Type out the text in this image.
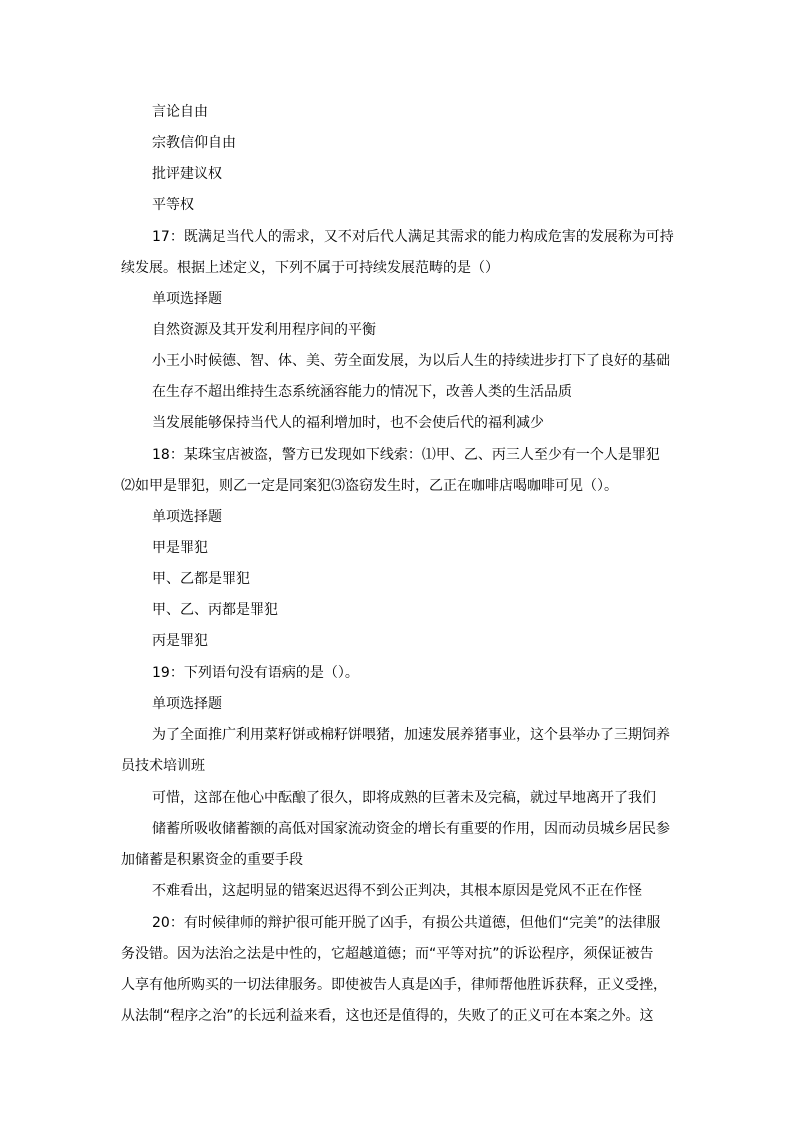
言论自由
宗教信仰自由
批评建议权
平等权
17：既满足当代人的需求，又不对后代人满足其需求的能力构成危害的发展称为可持
续发展。根据上述定义，下列不属于可持续发展范畴的是（）
单项选择题
自然资源及其开发利用程序间的平衡
小王小时候德、智、体、美、劳全面发展，为以后人生的持续进步打下了良好的基础
在生存不超出维持生态系统涵容能力的情况下，改善人类的生活品质
当发展能够保持当代人的福利增加时，也不会使后代的福利减少
18：某珠宝店被盗，警方已发现如下线索：⑴甲、乙、丙三人至少有一个人是罪犯
⑵如甲是罪犯，则乙一定是同案犯⑶盗窃发生时，乙正在咖啡店喝咖啡可见（）。
单项选择题
甲是罪犯
甲、乙都是罪犯
甲、乙、丙都是罪犯
丙是罪犯
19：下列语句没有语病的是（）。
单项选择题
为了全面推广利用菜籽饼或棉籽饼喂猪，加速发展养猪事业，这个县举办了三期饲养
员技术培训班
可惜，这部在他心中酝酿了很久，即将成熟的巨著未及完稿，就过早地离开了我们
储蓄所吸收储蓄额的高低对国家流动资金的增长有重要的作用，因而动员城乡居民参
加储蓄是积累资金的重要手段
不难看出，这起明显的错案迟迟得不到公正判决，其根本原因是党风不正在作怪
20：有时候律师的辩护很可能开脱了凶手，有损公共道德，但他们“完美”的法律服
务没错。因为法治之法是中性的，它超越道德；而“平等对抗”的诉讼程序，须保证被告
人享有他所购买的一切法律服务。即使被告人真是凶手，律师帮他胜诉获释，正义受挫，
从法制“程序之治”的长远利益来看，这也还是值得的，失败了的正义可在本案之外。这
